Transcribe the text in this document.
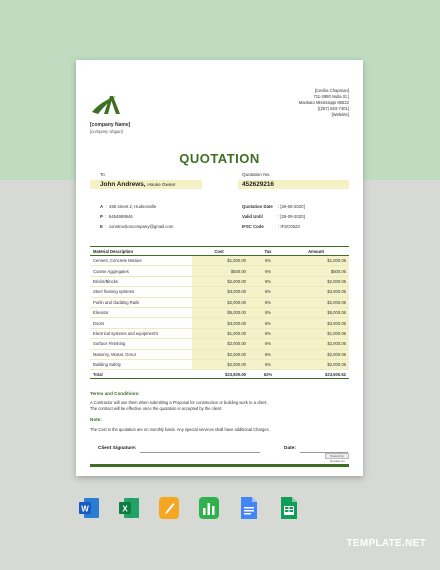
[company Name]
[company slogan]
[Cecilia Chapman]
711-2880 Nulla St.]
Mankato Mississippi 96522
[(257) 563-7401]
[Website]
QUOTATION
To	Quotation No.
John Andrews, House Owner	452629216
A  :  455 street 2, Hudsonville
P  :  5454989546
E  :  constructioncompany@gmail.com
Quotation Date : [26-08-2020]
Valid Until	: [26-09-2020]
IFSC Code	: IFSC0523
Material Description	Cost	Tax	Amount
Cement, Concrete Mixture	$1,000.00	6%	$1,000.06
Coarse Aggregates	$500.00	6%	$500.06
Bricks/Blocks	$2,000.00	6%	$2,000.06
Steel framing systems	$3,000.00	6%	$3,000.06
Purlin and cladding Rails	$2,000.00	6%	$2,000.06
Elevator	$5,000.00	6%	$5,000.06
Doors	$3,000.00	6%	$3,000.06
Electrical systems and equipment's	$1,000.00	6%	$1,000.06
Surface Finishing	$2,000.00	6%	$2,000.06
Masonry, Mortar, Grout	$2,000.00	6%	$2,000.06
Building Safety	$2,000.00	6%	$2,000.06
Total	$23,500.00	62%	$23,500.62
Terms and Conditions:
A Contractor will use them when submitting a Proposal for construction or building work to a client.
The contract will be effective once the quotation is accepted by the client.
Note:
The Cost in the quotation are on monthly basis. Any special services shall have additional Charges.
Client Signature:	Date:
Powered by Template.net
W	X
TEMPLATE.NET
